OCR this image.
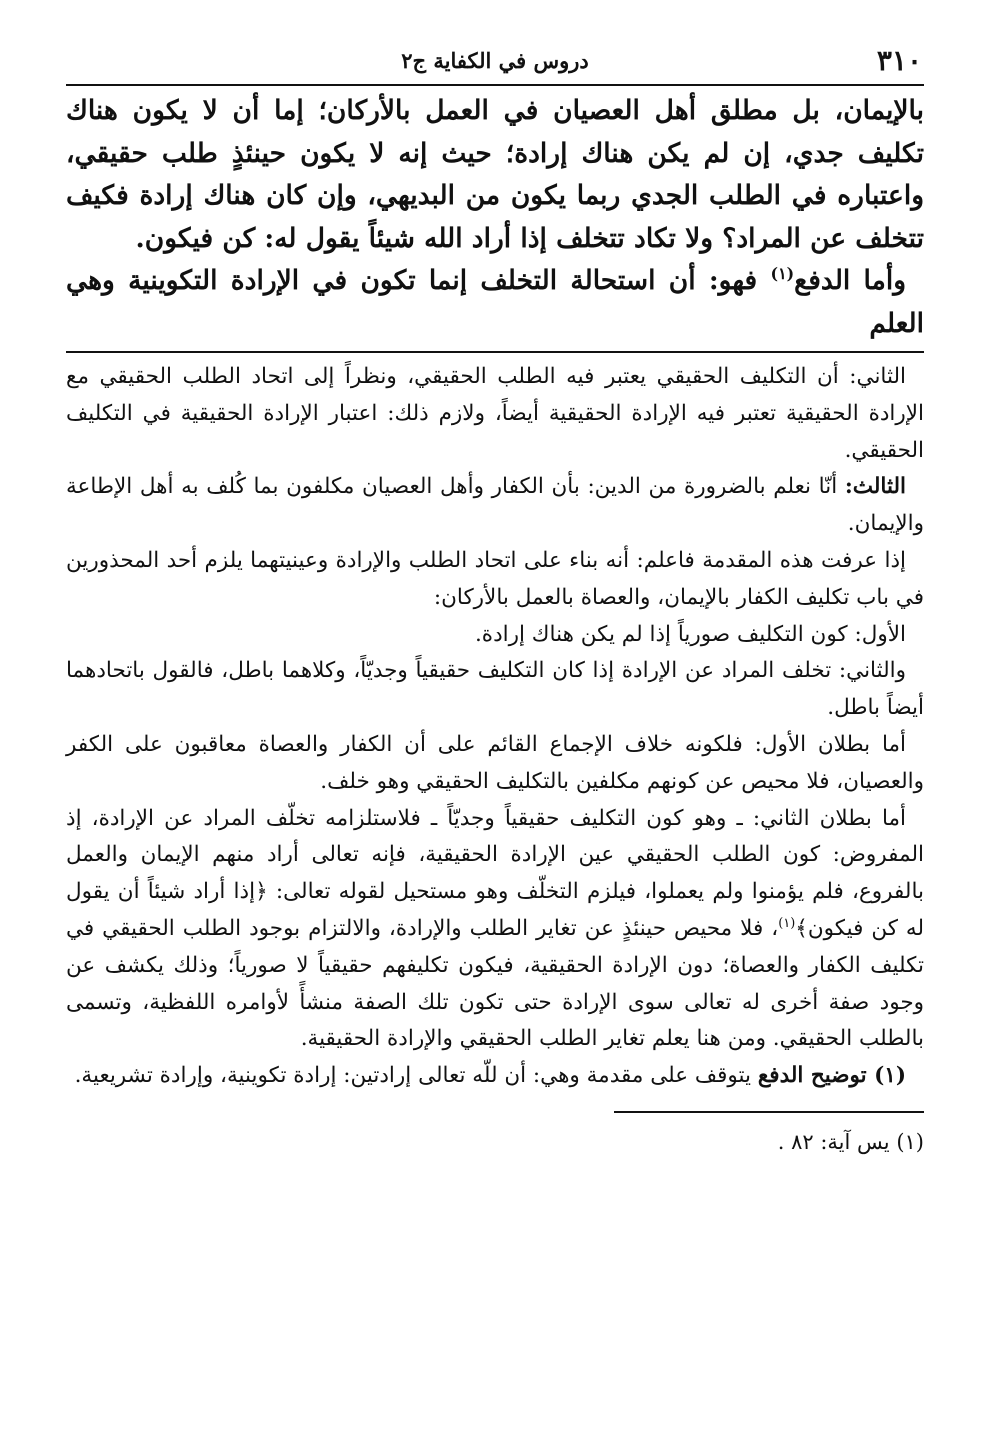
٣١٠
دروس في الكفاية ج٢
بالإيمان، بل مطلق أهل العصيان في العمل بالأركان؛ إما أن لا يكون هناك تكليف جدي، إن لم يكن هناك إرادة؛ حيث إنه لا يكون حينئذٍ طلب حقيقي، واعتباره في الطلب الجدي ربما يكون من البديهي، وإن كان هناك إرادة فكيف تتخلف عن المراد؟ ولا تكاد تتخلف إذا أراد الله شيئاً يقول له: كن فيكون.
وأما الدفع$^{(١)}$ فهو: أن استحالة التخلف إنما تكون في الإرادة التكوينية وهي العلم

الثاني: أن التكليف الحقيقي يعتبر فيه الطلب الحقيقي، ونظراً إلى اتحاد الطلب الحقيقي مع الإرادة الحقيقية تعتبر فيه الإرادة الحقيقية أيضاً، ولازم ذلك: اعتبار الإرادة الحقيقية في التكليف الحقيقي.

الثالث: أنّا نعلم بالضرورة من الدين: بأن الكفار وأهل العصيان مكلفون بما كُلف به أهل الإطاعة والإيمان.

إذا عرفت هذه المقدمة فاعلم: أنه بناء على اتحاد الطلب والإرادة وعينيتهما يلزم أحد المحذورين في باب تكليف الكفار بالإيمان، والعصاة بالعمل بالأركان:

الأول: كون التكليف صورياً إذا لم يكن هناك إرادة.

والثاني: تخلف المراد عن الإرادة إذا كان التكليف حقيقياً وجديّاً، وكلاهما باطل، فالقول باتحادهما أيضاً باطل.

أما بطلان الأول: فلكونه خلاف الإجماع القائم على أن الكفار والعصاة معاقبون على الكفر والعصيان، فلا محيص عن كونهم مكلفين بالتكليف الحقيقي وهو خلف.

أما بطلان الثاني: ـ وهو كون التكليف حقيقياً وجديّاً ـ فلاستلزامه تخلّف المراد عن الإرادة، إذ المفروض: كون الطلب الحقيقي عين الإرادة الحقيقية، فإنه تعالى أراد منهم الإيمان والعمل بالفروع، فلم يؤمنوا ولم يعملوا، فيلزم التخلّف وهو مستحيل لقوله تعالى: ﴿إذا أراد شيئاً أن يقول له كن فيكون﴾$^{(١)}$، فلا محيص حينئذٍ عن تغاير الطلب والإرادة، والالتزام بوجود الطلب الحقيقي في تكليف الكفار والعصاة؛ دون الإرادة الحقيقية، فيكون تكليفهم حقيقياً لا صورياً؛ وذلك يكشف عن وجود صفة أخرى له تعالى سوى الإرادة حتى تكون تلك الصفة منشأً لأوامره اللفظية، وتسمى بالطلب الحقيقي. ومن هنا يعلم تغاير الطلب الحقيقي والإرادة الحقيقية.

(١) توضيح الدفع يتوقف على مقدمة وهي: أن للّه تعالى إرادتين: إرادة تكوينية، وإرادة تشريعية.

(١) يس آية: ٨٢ .
